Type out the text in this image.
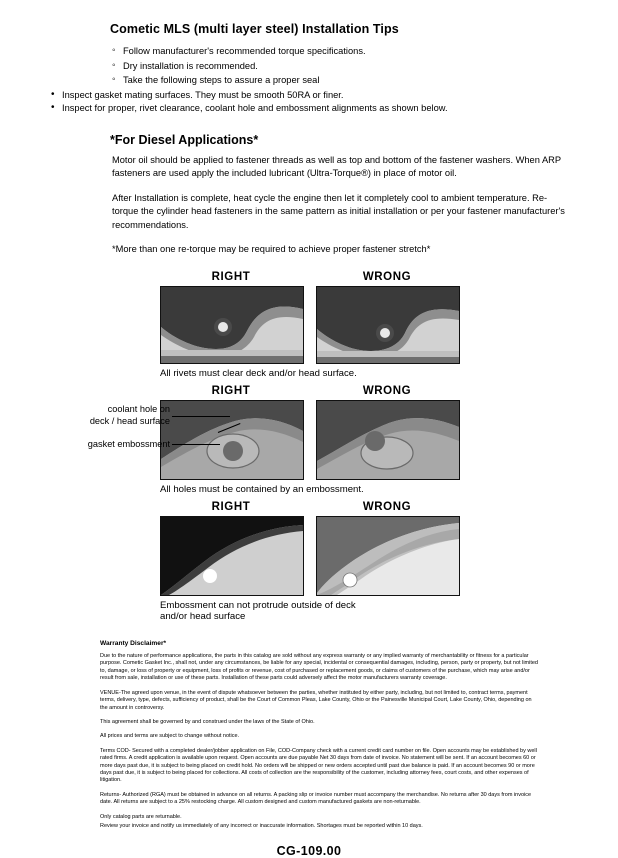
Cometic MLS (multi layer steel) Installation Tips
◦ Follow manufacturer's recommended torque specifications.
◦ Dry installation is recommended.
◦ Take the following steps to assure a proper seal
• Inspect gasket mating surfaces. They must be smooth 50RA or finer.
• Inspect for proper, rivet clearance, coolant hole and embossment alignments as shown below.
*For Diesel Applications*

Motor oil should be applied to fastener threads as well as top and bottom of the fastener washers. When ARP fasteners are used apply the included lubricant (Ultra-Torque®) in place of motor oil.

After Installation is complete, heat cycle the engine then let it completely cool to ambient temperature. Re-torque the cylinder head fasteners in the same pattern as initial installation or per your fastener manufacturer's recommendations.

*More than one re-torque may be required to achieve proper fastener stretch*

RIGHT	WRONG
All rivets must clear deck and/or head surface.
RIGHT	WRONG
All holes must be contained by an embossment.
coolant hole on
deck / head surface
gasket embossment
RIGHT	WRONG
Embossment can not protrude outside of deck
and/or head surface
Warranty Disclaimer*

Due to the nature of performance applications, the parts in this catalog are sold without any express warranty or any implied warranty of merchantability or fitness for a particular purpose. Cometic Gasket Inc., shall not, under any circumstances, be liable for any special, incidental or consequential damages, including, person, party or property, but not limited to, damage, or loss of property or equipment, loss of profits or revenue, cost of purchased or replacement goods, or claims of customers of the purchase, which may arise and/or result from sale, installation or use of these parts. Installation of these parts could adversely affect the motor manufacturers warranty coverage.

VENUE-The agreed upon venue, in the event of dispute whatsoever between the parties, whether instituted by either party, including, but not limited to, contract terms, payment terms, delivery, type, defects, sufficiency of product, shall be the Court of Common Pleas, Lake County, Ohio or the Painesville Municipal Court, Lake County, Ohio, depending on the amount in controversy.

This agreement shall be governed by and construed under the laws of the State of Ohio.

All prices and terms are subject to change without notice.

Terms COD- Secured with a completed dealer/jobber application on File, COD-Company check with a current credit card number on file. Open accounts may be established by well rated firms. A credit application is available upon request. Open accounts are due payable Net 30 days from date of invoice. No statement will be sent. If an account becomes 60 or more days past due, it is subject to being placed on credit hold. No orders will be shipped or new orders accepted until past due balance is paid. If an account becomes 90 or more days past due, it is subject to being placed for collections. All costs of collection are the responsibility of the customer, including attorney fees, court costs, and other expenses of litigation.

Returns- Authorized (RGA) must be obtained in advance on all returns. A packing slip or invoice number must accompany the merchandise. No returns after 30 days from invoice date. All returns are subject to a 25% restocking charge. All custom designed and custom manufactured gaskets are non-returnable.

Only catalog parts are returnable.

Review your invoice and notify us immediately of any incorrect or inaccurate information. Shortages must be reported within 10 days.

CG-109.00
